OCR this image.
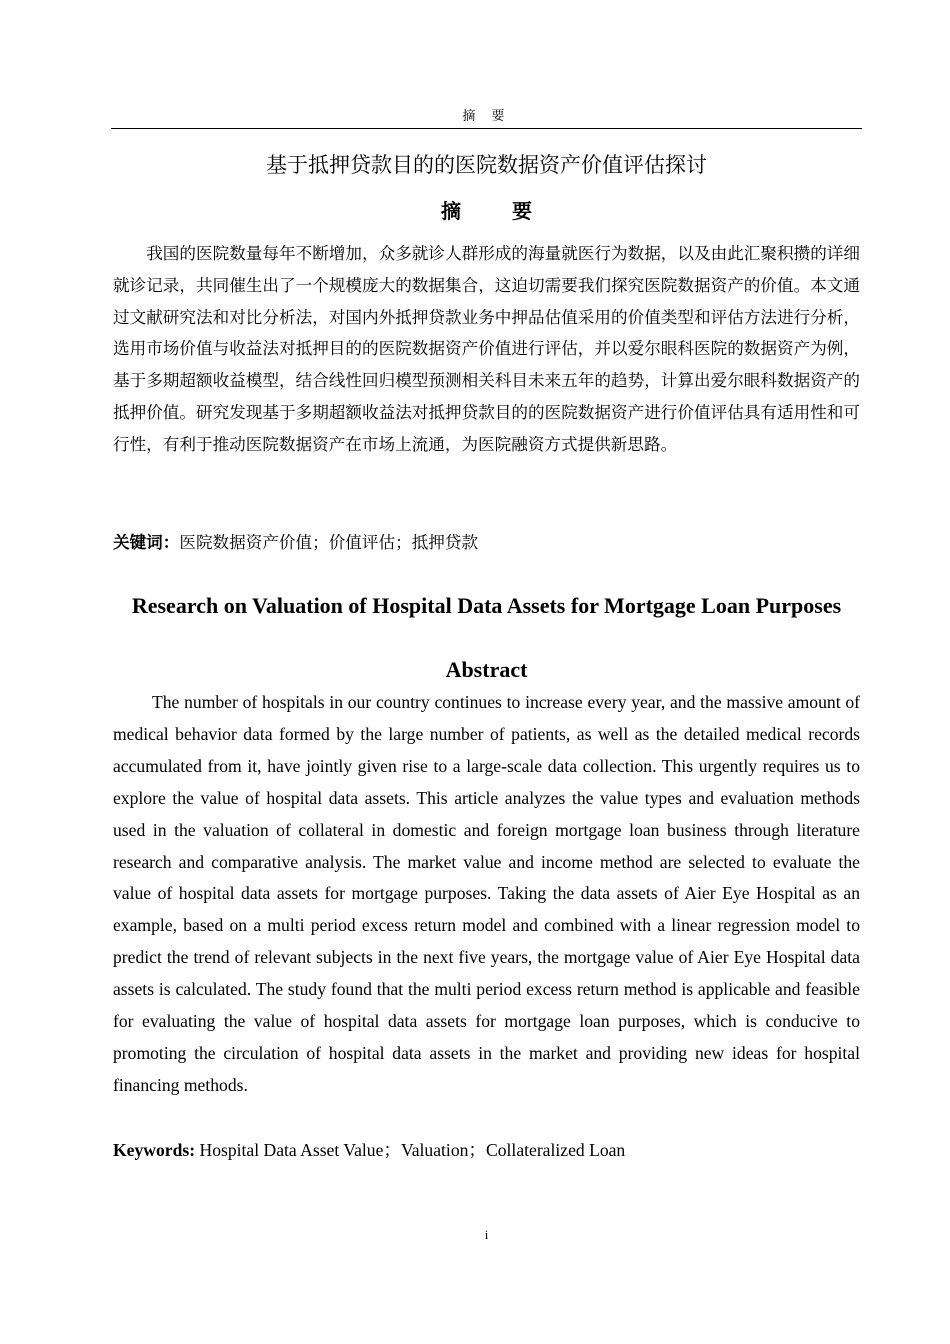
摘 要
基于抵押贷款目的的医院数据资产价值评估探讨
摘 要

我国的医院数量每年不断增加，众多就诊人群形成的海量就医行为数据，以及由此汇聚积攒的详细就诊记录，共同催生出了一个规模庞大的数据集合，这迫切需要我们探究医院数据资产的价值。本文通过文献研究法和对比分析法，对国内外抵押贷款业务中押品估值采用的价值类型和评估方法进行分析，选用市场价值与收益法对抵押目的的医院数据资产价值进行评估，并以爱尔眼科医院的数据资产为例，基于多期超额收益模型，结合线性回归模型预测相关科目未来五年的趋势，计算出爱尔眼科数据资产的抵押价值。研究发现基于多期超额收益法对抵押贷款目的的医院数据资产进行价值评估具有适用性和可行性，有利于推动医院数据资产在市场上流通，为医院融资方式提供新思路。

关键词：医院数据资产价值；价值评估；抵押贷款
Research on Valuation of Hospital Data Assets for Mortgage Loan Purposes
Abstract

The number of hospitals in our country continues to increase every year, and the massive amount of medical behavior data formed by the large number of patients, as well as the detailed medical records accumulated from it, have jointly given rise to a large-scale data collection. This urgently requires us to explore the value of hospital data assets. This article analyzes the value types and evaluation methods used in the valuation of collateral in domestic and foreign mortgage loan business through literature research and comparative analysis. The market value and income method are selected to evaluate the value of hospital data assets for mortgage purposes. Taking the data assets of Aier Eye Hospital as an example, based on a multi period excess return model and combined with a linear regression model to predict the trend of relevant subjects in the next five years, the mortgage value of Aier Eye Hospital data assets is calculated. The study found that the multi period excess return method is applicable and feasible for evaluating the value of hospital data assets for mortgage loan purposes, which is conducive to promoting the circulation of hospital data assets in the market and providing new ideas for hospital financing methods.

Keywords: Hospital Data Asset Value；Valuation；Collateralized Loan
i
